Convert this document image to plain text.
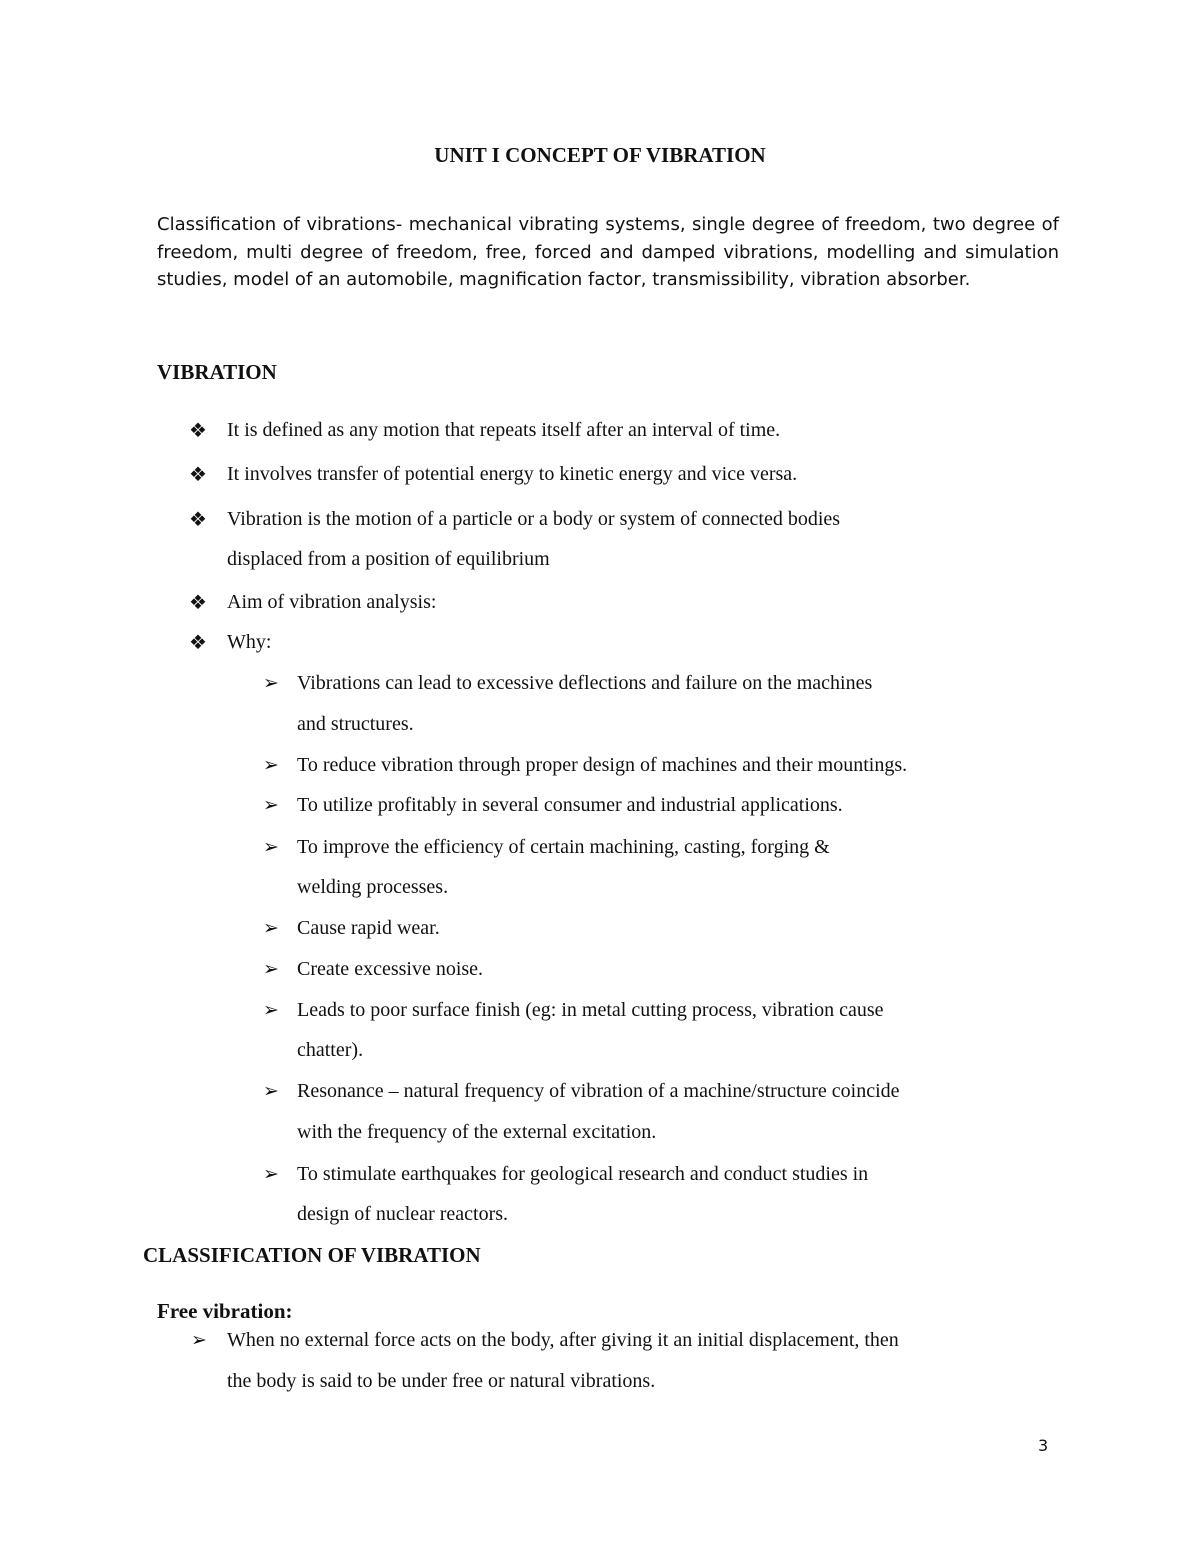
UNIT I CONCEPT OF VIBRATION
Classification of vibrations- mechanical vibrating systems, single degree of freedom, two degree of freedom, multi degree of freedom, free, forced and damped vibrations, modelling and simulation studies, model of an automobile, magnification factor, transmissibility, vibration absorber.
VIBRATION
❖ It is defined as any motion that repeats itself after an interval of time.
❖ It involves transfer of potential energy to kinetic energy and vice versa.
❖ Vibration is the motion of a particle or a body or system of connected bodies
displaced from a position of equilibrium
❖ Aim of vibration analysis:
❖ Why:
➢ Vibrations can lead to excessive deflections and failure on the machines
and structures.
➢ To reduce vibration through proper design of machines and their mountings.
➢ To utilize profitably in several consumer and industrial applications.
➢ To improve the efficiency of certain machining, casting, forging &
welding processes.
➢ Cause rapid wear.
➢ Create excessive noise.
➢ Leads to poor surface finish (eg: in metal cutting process, vibration cause
chatter).
➢ Resonance – natural frequency of vibration of a machine/structure coincide
with the frequency of the external excitation.
➢ To stimulate earthquakes for geological research and conduct studies in
design of nuclear reactors.
CLASSIFICATION OF VIBRATION
Free vibration:
➢ When no external force acts on the body, after giving it an initial displacement, then
the body is said to be under free or natural vibrations.
3
